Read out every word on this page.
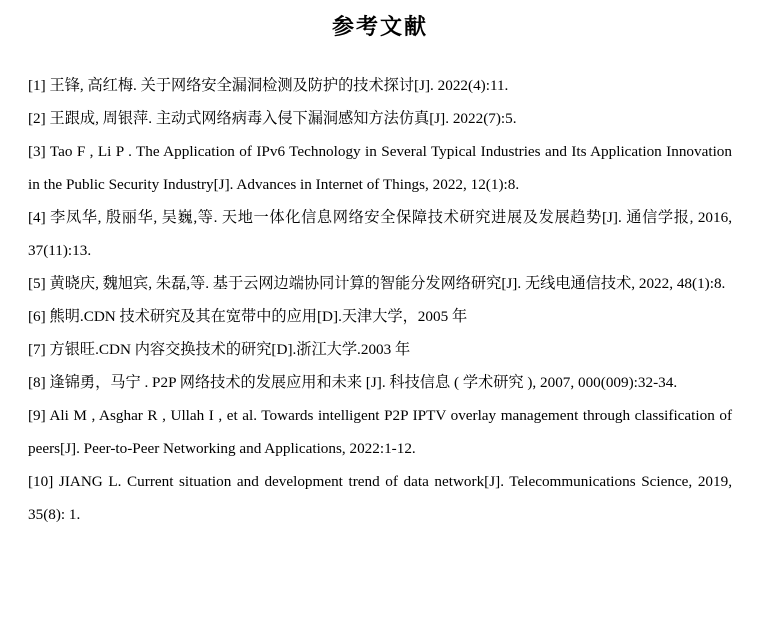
参考文献

[1] 王锋, 高红梅. 关于网络安全漏洞检测及防护的技术探讨[J]. 2022(4):11.

[2] 王跟成, 周银萍. 主动式网络病毒入侵下漏洞感知方法仿真[J]. 2022(7):5.

[3] Tao F , Li P . The Application of IPv6 Technology in Several Typical Industries and Its Application Innovation in the Public Security Industry[J]. Advances in Internet of Things, 2022, 12(1):8.

[4] 李凤华, 殷丽华, 吴巍,等. 天地一体化信息网络安全保障技术研究进展及发展趋势[J]. 通信学报, 2016, 37(11):13.

[5] 黄晓庆, 魏旭宾, 朱磊,等. 基于云网边端协同计算的智能分发网络研究[J]. 无线电通信技术, 2022, 48(1):8.

[6] 熊明.CDN 技术研究及其在宽带中的应用[D].天津大学，2005 年

[7] 方银旺.CDN 内容交换技术的研究[D].浙江大学.2003 年

[8] 逢锦勇，马宁 . P2P 网络技术的发展应用和未来 [J]. 科技信息 ( 学术研究 ), 2007, 000(009):32-34.

[9] Ali M , Asghar R , Ullah I , et al. Towards intelligent P2P IPTV overlay management through classification of peers[J]. Peer-to-Peer Networking and Applications, 2022:1-12.

[10] JIANG L. Current situation and development trend of data network[J]. Telecommunications Science, 2019, 35(8): 1.
